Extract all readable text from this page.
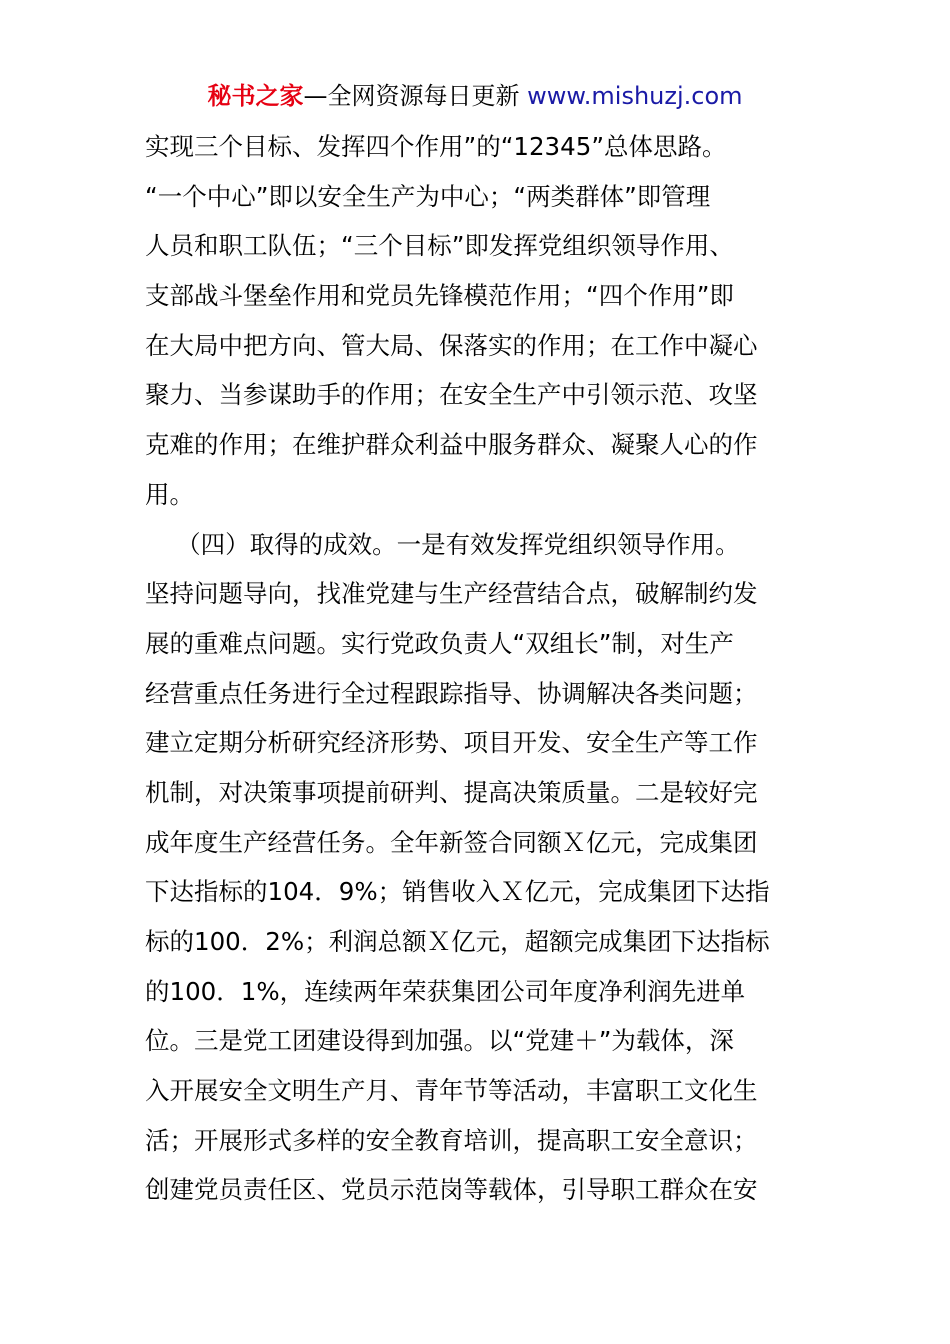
秘书之家—全网资源每日更新 www.mishuzj.com
实现三个目标、发挥四个作用”的“12345”总体思路。
“一个中心”即以安全生产为中心；“两类群体”即管理
人员和职工队伍；“三个目标”即发挥党组织领导作用、
支部战斗堡垒作用和党员先锋模范作用；“四个作用”即
在大局中把方向、管大局、保落实的作用；在工作中凝心
聚力、当参谋助手的作用；在安全生产中引领示范、攻坚
克难的作用；在维护群众利益中服务群众、凝聚人心的作
用。
（四）取得的成效。一是有效发挥党组织领导作用。
坚持问题导向，找准党建与生产经营结合点，破解制约发
展的重难点问题。实行党政负责人“双组长”制，对生产
经营重点任务进行全过程跟踪指导、协调解决各类问题；
建立定期分析研究经济形势、项目开发、安全生产等工作
机制，对决策事项提前研判、提高决策质量。二是较好完
成年度生产经营任务。全年新签合同额Ｘ亿元，完成集团
下达指标的104．9%；销售收入Ｘ亿元，完成集团下达指
标的100．2%；利润总额Ｘ亿元，超额完成集团下达指标
的100．1%，连续两年荣获集团公司年度净利润先进单
位。三是党工团建设得到加强。以“党建＋”为载体，深
入开展安全文明生产月、青年节等活动，丰富职工文化生
活；开展形式多样的安全教育培训，提高职工安全意识；
创建党员责任区、党员示范岗等载体，引导职工群众在安
